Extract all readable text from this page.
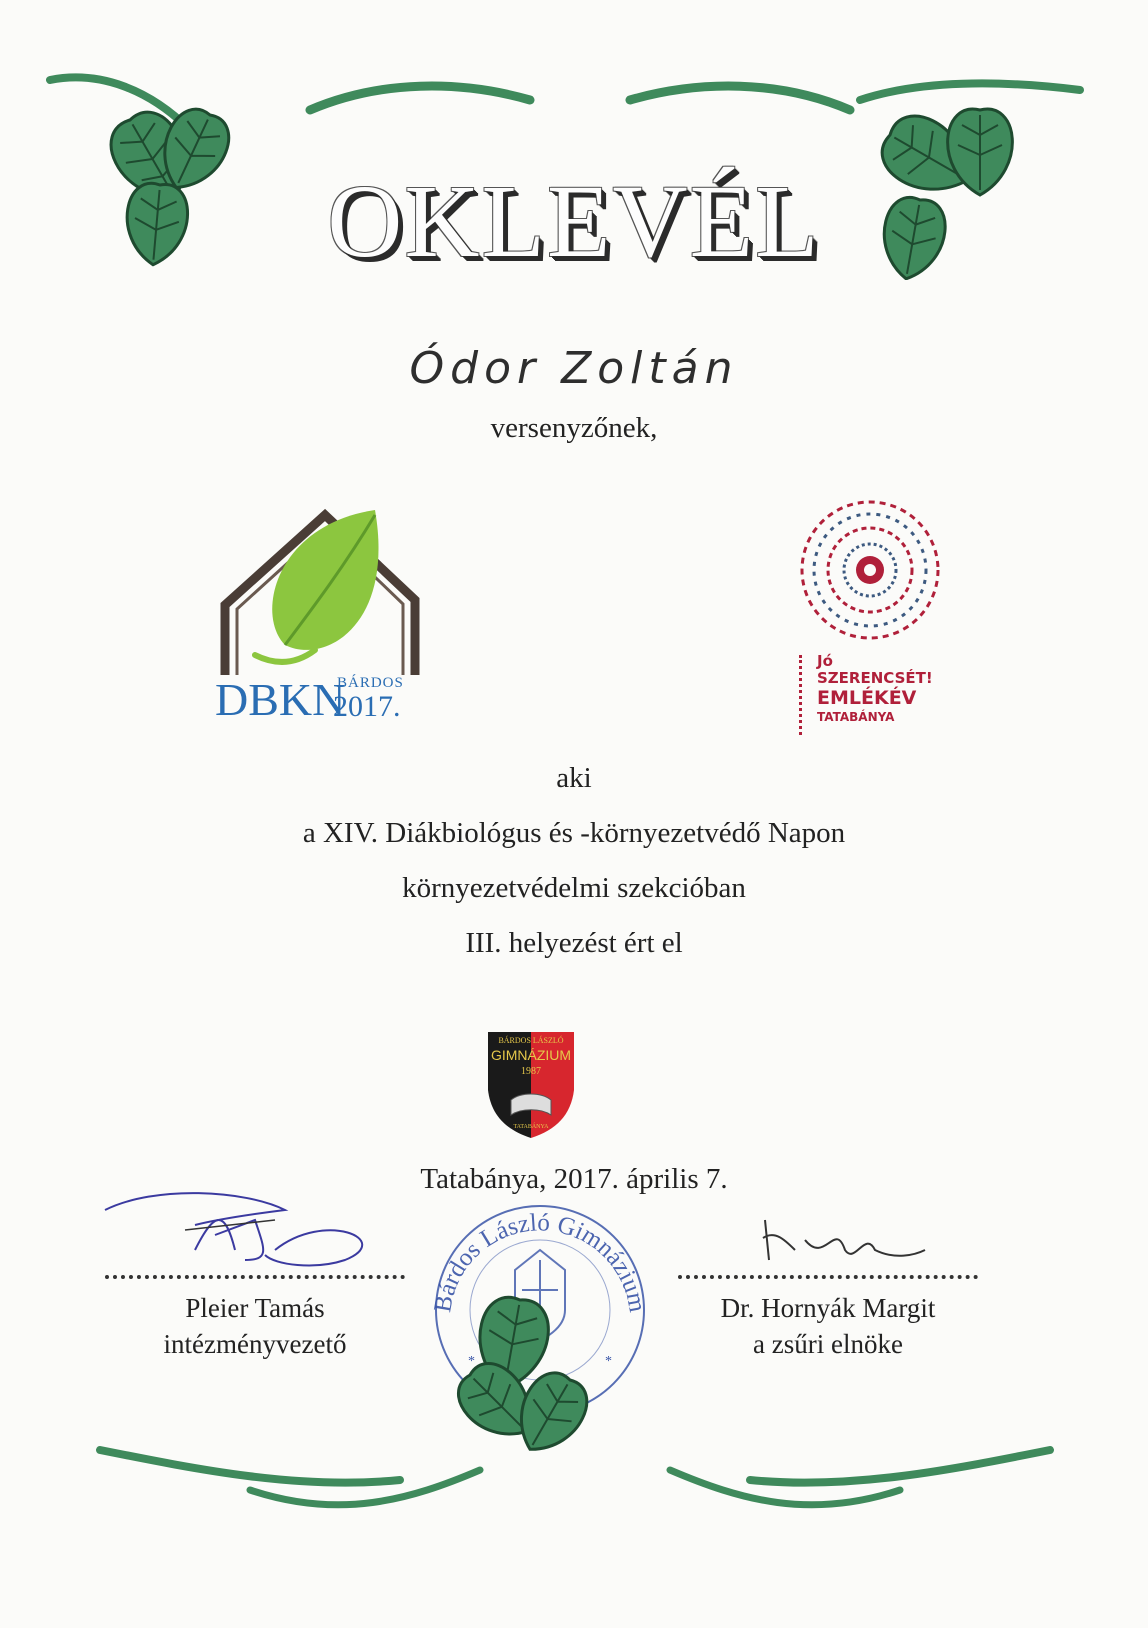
OKLEVÉL
Ódor Zoltán
versenyzőnek,
DBKN
BÁRDOS
2017.
Jó
SZERENCSÉT!
EMLÉKÉV
TATABÁNYA
aki
a XIV. Diákbiológus és -környezetvédő Napon
környezetvédelmi szekcióban
III. helyezést ért el
BÁRDOS LÁSZLÓ
GIMNÁZIUM
1987
TATABÁNYA
Tatabánya, 2017. április 7.
Pleier Tamás
intézményvezető
Dr. Hornyák Margit
a zsűri elnöke
Bárdos László Gimnázium
*	*
